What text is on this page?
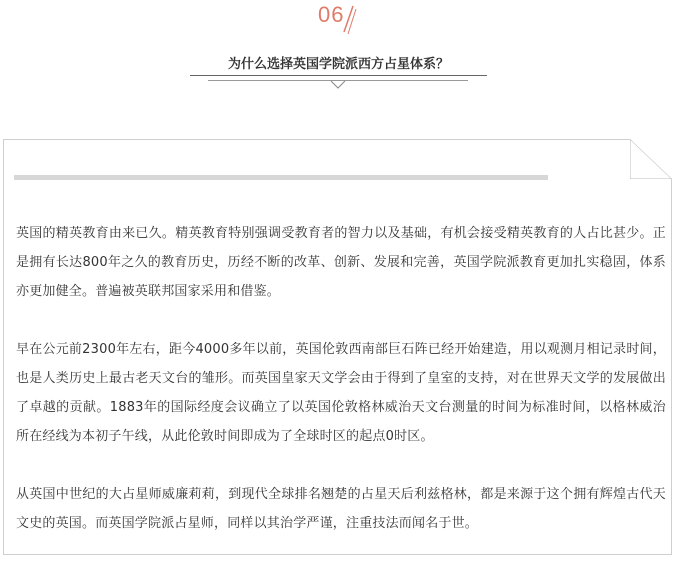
06
为什么选择英国学院派西方占星体系？

英国的精英教育由来已久。精英教育特别强调受教育者的智力以及基础，有机会接受精英教育的人占比甚少。正是拥有长达800年之久的教育历史，历经不断的改革、创新、发展和完善，英国学院派教育更加扎实稳固，体系亦更加健全。普遍被英联邦国家采用和借鉴。

早在公元前2300年左右，距今4000多年以前，英国伦敦西南部巨石阵已经开始建造，用以观测月相记录时间，也是人类历史上最古老天文台的雏形。而英国皇家天文学会由于得到了皇室的支持，对在世界天文学的发展做出了卓越的贡献。1883年的国际经度会议确立了以英国伦敦格林威治天文台测量的时间为标准时间，以格林威治所在经线为本初子午线，从此伦敦时间即成为了全球时区的起点0时区。

从英国中世纪的大占星师威廉莉莉，到现代全球排名翘楚的占星天后利兹格林，都是来源于这个拥有辉煌古代天文史的英国。而英国学院派占星师，同样以其治学严谨，注重技法而闻名于世。
